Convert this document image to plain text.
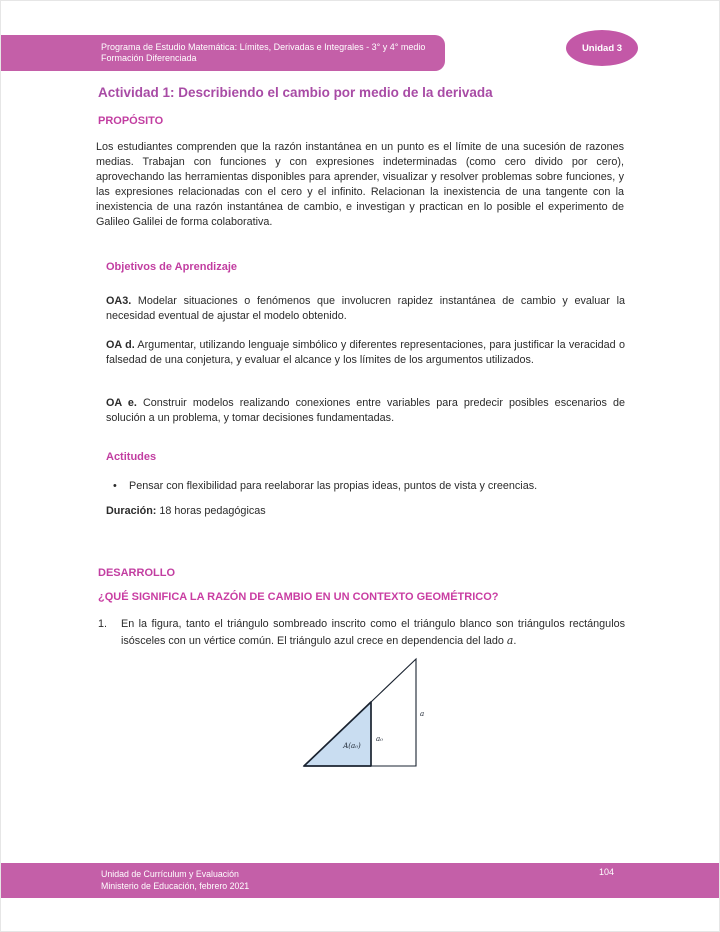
Programa de Estudio Matemática: Límites, Derivadas e Integrales - 3° y 4° medio
Formación Diferenciada
Unidad 3
Actividad 1: Describiendo el cambio por medio de la derivada
PROPÓSITO
Los estudiantes comprenden que la razón instantánea en un punto es el límite de una sucesión de razones medias. Trabajan con funciones y con expresiones indeterminadas (como cero divido por cero), aprovechando las herramientas disponibles para aprender, visualizar y resolver problemas sobre funciones, y las expresiones relacionadas con el cero y el infinito. Relacionan la inexistencia de una tangente con la inexistencia de una razón instantánea de cambio, e investigan y practican en lo posible el experimento de Galileo Galilei de forma colaborativa.
Objetivos de Aprendizaje
OA3. Modelar situaciones o fenómenos que involucren rapidez instantánea de cambio y evaluar la necesidad eventual de ajustar el modelo obtenido.
OA d. Argumentar, utilizando lenguaje simbólico y diferentes representaciones, para justificar la veracidad o falsedad de una conjetura, y evaluar el alcance y los límites de los argumentos utilizados.
OA e. Construir modelos realizando conexiones entre variables para predecir posibles escenarios de solución a un problema, y tomar decisiones fundamentadas.
Actitudes
•	Pensar con flexibilidad para reelaborar las propias ideas, puntos de vista y creencias.
Duración: 18 horas pedagógicas
DESARROLLO
¿QUÉ SIGNIFICA LA RAZÓN DE CAMBIO EN UN CONTEXTO GEOMÉTRICO?
1.	En la figura, tanto el triángulo sombreado inscrito como el triángulo blanco son triángulos rectángulos isósceles con un vértice común. El triángulo azul crece en dependencia del lado a.
A(a₀)
a₀
a
Unidad de Currículum y Evaluación
Ministerio de Educación, febrero 2021
104
